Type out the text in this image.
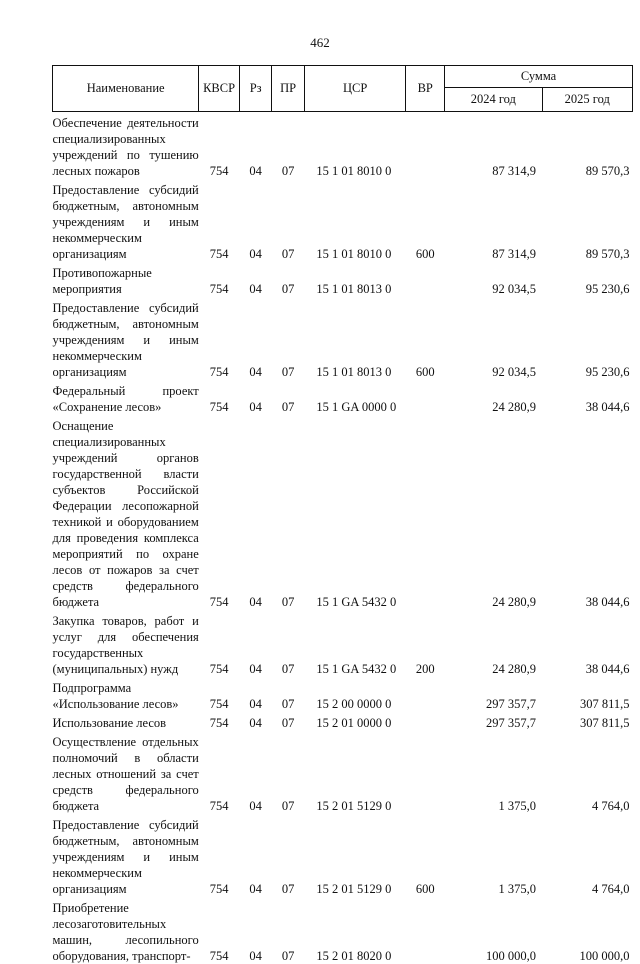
462
Наименование	КВСР	Рз	ПР	ЦСР	ВР	Сумма	
						2024 год	2025 год
Обеспечение деятельности специализированных учреждений по тушению лесных пожаров	754	04	07	15 1 01 8010 0		87 314,9	89 570,3
Предоставление субсидий бюджетным, автономным учреждениям и иным некоммерческим организациям	754	04	07	15 1 01 8010 0	600	87 314,9	89 570,3
Противопожарные мероприятия	754	04	07	15 1 01 8013 0		92 034,5	95 230,6
Предоставление субсидий бюджетным, автономным учреждениям и иным некоммерческим организациям	754	04	07	15 1 01 8013 0	600	92 034,5	95 230,6
Федеральный проект «Сохранение лесов»	754	04	07	15 1 GA 0000 0		24 280,9	38 044,6
Оснащение специализированных учреждений органов государственной власти субъектов Российской Федерации лесопожарной техникой и оборудованием для проведения комплекса мероприятий по охране лесов от пожаров за счет средств федерального бюджета	754	04	07	15 1 GA 5432 0		24 280,9	38 044,6
Закупка товаров, работ и услуг для обеспечения государственных (муниципальных) нужд	754	04	07	15 1 GA 5432 0	200	24 280,9	38 044,6
Подпрограмма «Использование лесов»	754	04	07	15 2 00 0000 0		297 357,7	307 811,5
Использование лесов	754	04	07	15 2 01 0000 0		297 357,7	307 811,5
Осуществление отдельных полномочий в области лесных отношений за счет средств федерального бюджета	754	04	07	15 2 01 5129 0		1 375,0	4 764,0
Предоставление субсидий бюджетным, автономным учреждениям и иным некоммерческим организациям	754	04	07	15 2 01 5129 0	600	1 375,0	4 764,0
Приобретение лесозаготовительных машин, лесопильного оборудования, транспорт-	754	04	07	15 2 01 8020 0		100 000,0	100 000,0
